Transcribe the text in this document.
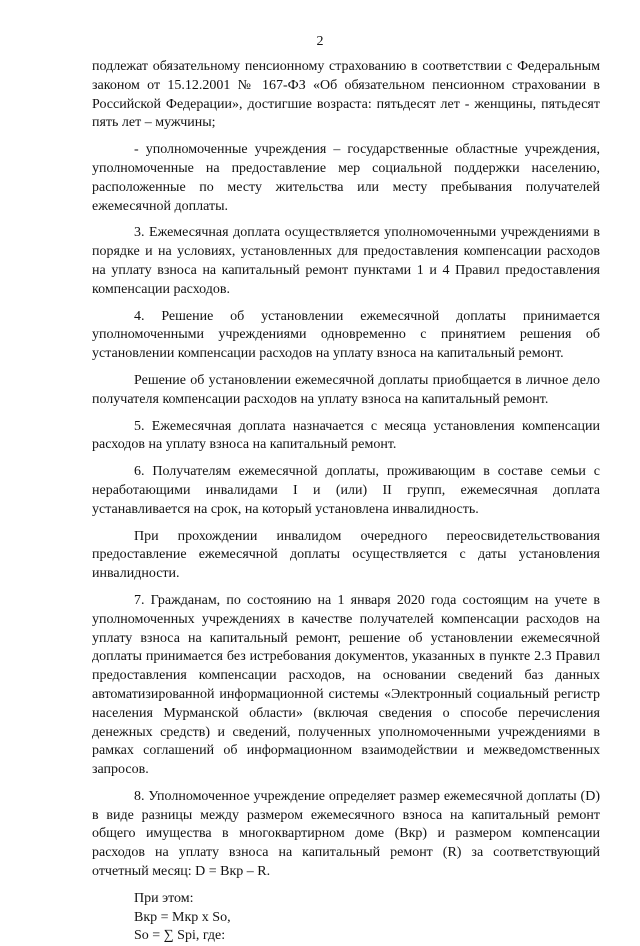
2

подлежат обязательному пенсионному страхованию в соответствии с Федеральным законом от 15.12.2001 № 167-ФЗ «Об обязательном пенсионном страховании в Российской Федерации», достигшие возраста: пятьдесят лет - женщины, пятьдесят пять лет – мужчины;

- уполномоченные учреждения – государственные областные учреждения, уполномоченные на предоставление мер социальной поддержки населению, расположенные по месту жительства или месту пребывания получателей ежемесячной доплаты.

3. Ежемесячная доплата осуществляется уполномоченными учреждениями в порядке и на условиях, установленных для предоставления компенсации расходов на уплату взноса на капитальный ремонт пунктами 1 и 4 Правил предоставления компенсации расходов.

4. Решение об установлении ежемесячной доплаты принимается уполномоченными учреждениями одновременно с принятием решения об установлении компенсации расходов на уплату взноса на капитальный ремонт.

Решение об установлении ежемесячной доплаты приобщается в личное дело получателя компенсации расходов на уплату взноса на капитальный ремонт.

5. Ежемесячная доплата назначается с месяца установления компенсации расходов на уплату взноса на капитальный ремонт.

6. Получателям ежемесячной доплаты, проживающим в составе семьи с неработающими инвалидами I и (или) II групп, ежемесячная доплата устанавливается на срок, на который установлена инвалидность.

При прохождении инвалидом очередного переосвидетельствования предоставление ежемесячной доплаты осуществляется с даты установления инвалидности.

7. Гражданам, по состоянию на 1 января 2020 года состоящим на учете в уполномоченных учреждениях в качестве получателей компенсации расходов на уплату взноса на капитальный ремонт, решение об установлении ежемесячной доплаты принимается без истребования документов, указанных в пункте 2.3 Правил предоставления компенсации расходов, на основании сведений баз данных автоматизированной информационной системы «Электронный социальный регистр населения Мурманской области» (включая сведения о способе перечисления денежных средств) и сведений, полученных уполномоченными учреждениями в рамках соглашений об информационном взаимодействии и межведомственных запросов.

8. Уполномоченное учреждение определяет размер ежемесячной доплаты (D) в виде разницы между размером ежемесячного взноса на капитальный ремонт общего имущества в многоквартирном доме (Вкр) и размером компенсации расходов на уплату взноса на капитальный ремонт (R) за соответствующий отчетный месяц: D = Вкр – R.

При этом:
Вкр = Мкр x So,
So = ∑ Spi, где:
